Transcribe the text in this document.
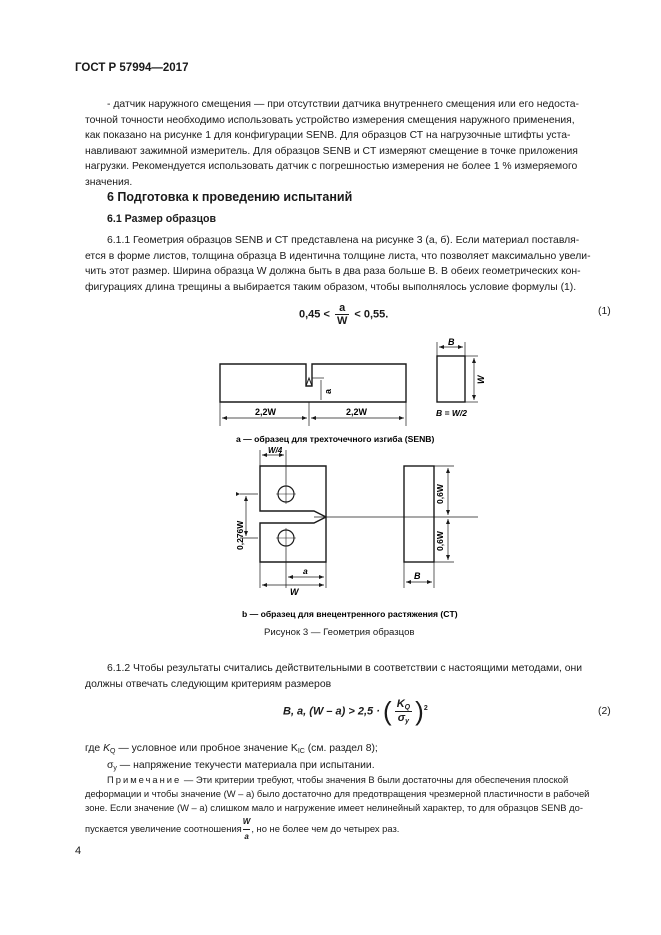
ГОСТ Р 57994—2017
- датчик наружного смещения — при отсутствии датчика внутреннего смещения или его недоста-
точной точности необходимо использовать устройство измерения смещения наружного применения,
как показано на рисунке 1 для конфигурации SENB. Для образцов СТ на нагрузочные штифты уста-
навливают зажимной измеритель. Для образцов SENB и CT измеряют смещение в точке приложения
нагрузки. Рекомендуется использовать датчик с погрешностью измерения не более 1 % измеряемого
значения.
6 Подготовка к проведению испытаний
6.1 Размер образцов
6.1.1 Геометрия образцов SENB и СТ представлена на рисунке 3 (а, б). Если материал поставля-
ется в форме листов, толщина образца B идентична толщине листа, что позволяет максимально увели-
чить этот размер. Ширина образца W должна быть в два раза больше B. В обеих геометрических кон-
фигурациях длина трещины a выбирается таким образом, чтобы выполнялось условие формулы (1).
$0,45 < \frac{a}{W} < 0,55$.	(1)
2,2W	2,2W
a
B
W
B = W/2
а — образец для трехточечного изгиба (SENB)
W/4
0,276W
a
W
0,6W
0,6W
B
b — образец для внецентренного растяжения (CT)
Рисунок 3 — Геометрия образцов
6.1.2 Чтобы результаты считались действительными в соответствии с настоящими методами, они
должны отвечать следующим критериям размеров
B, a, (W – a) > 2,5 · ( $\frac{K_Q}{\sigma_y} )^2$	(2)
где $K_Q$ — условное или пробное значение $K_{IC}$ (см. раздел 8);
$\sigma_y$ — напряжение текучести материала при испытании.
Примечание — Эти критерии требуют, чтобы значения B были достаточны для обеспечения плоской
деформации и чтобы значение (W – a) было достаточно для предотвращения чрезмерной пластичности в рабочей
зоне. Если значение (W – a) слишком мало и нагружение имеет нелинейный характер, то для образцов SENB до-
пускается увеличение соотношения $\frac{W}{a}$ , но не более чем до четырех раз.
4
